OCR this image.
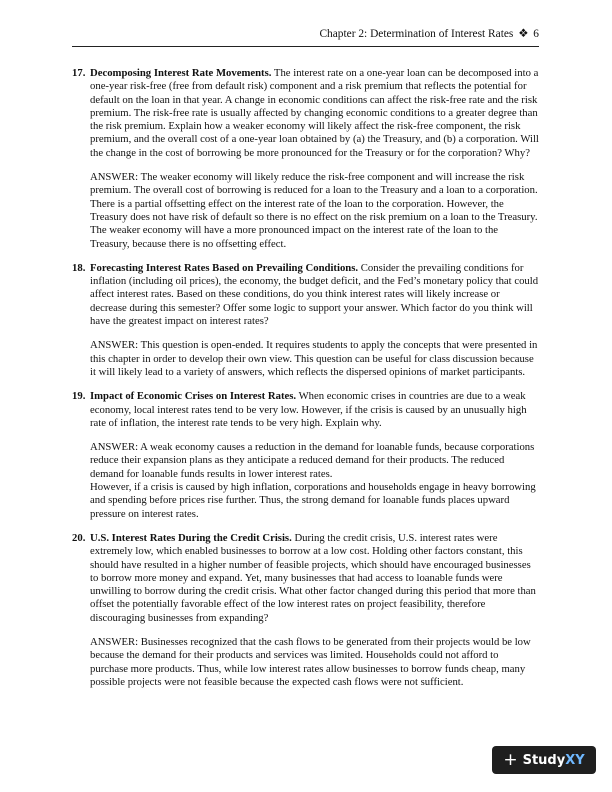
Chapter 2: Determination of Interest Rates ❖ 6
17. Decomposing Interest Rate Movements. The interest rate on a one-year loan can be decomposed into a one-year risk-free (free from default risk) component and a risk premium that reflects the potential for default on the loan in that year. A change in economic conditions can affect the risk-free rate and the risk premium. The risk-free rate is usually affected by changing economic conditions to a greater degree than the risk premium. Explain how a weaker economy will likely affect the risk-free component, the risk premium, and the overall cost of a one-year loan obtained by (a) the Treasury, and (b) a corporation. Will the change in the cost of borrowing be more pronounced for the Treasury or for the corporation? Why?

ANSWER: The weaker economy will likely reduce the risk-free component and will increase the risk premium. The overall cost of borrowing is reduced for a loan to the Treasury and a loan to a corporation. There is a partial offsetting effect on the interest rate of the loan to the corporation. However, the Treasury does not have risk of default so there is no effect on the risk premium on a loan to the Treasury. The weaker economy will have a more pronounced impact on the interest rate of the loan to the Treasury, because there is no offsetting effect.

18. Forecasting Interest Rates Based on Prevailing Conditions. Consider the prevailing conditions for inflation (including oil prices), the economy, the budget deficit, and the Fed’s monetary policy that could affect interest rates. Based on these conditions, do you think interest rates will likely increase or decrease during this semester? Offer some logic to support your answer. Which factor do you think will have the greatest impact on interest rates?

ANSWER: This question is open-ended. It requires students to apply the concepts that were presented in this chapter in order to develop their own view. This question can be useful for class discussion because it will likely lead to a variety of answers, which reflects the dispersed opinions of market participants.

19. Impact of Economic Crises on Interest Rates. When economic crises in countries are due to a weak economy, local interest rates tend to be very low. However, if the crisis is caused by an unusually high rate of inflation, the interest rate tends to be very high. Explain why.

ANSWER: A weak economy causes a reduction in the demand for loanable funds, because corporations reduce their expansion plans as they anticipate a reduced demand for their products. The reduced demand for loanable funds results in lower interest rates.

However, if a crisis is caused by high inflation, corporations and households engage in heavy borrowing and spending before prices rise further. Thus, the strong demand for loanable funds places upward pressure on interest rates.

20. U.S. Interest Rates During the Credit Crisis. During the credit crisis, U.S. interest rates were extremely low, which enabled businesses to borrow at a low cost. Holding other factors constant, this should have resulted in a higher number of feasible projects, which should have encouraged businesses to borrow more money and expand. Yet, many businesses that had access to loanable funds were unwilling to borrow during the credit crisis. What other factor changed during this period that more than offset the potentially favorable effect of the low interest rates on project feasibility, therefore discouraging businesses from expanding?

ANSWER: Businesses recognized that the cash flows to be generated from their projects would be low because the demand for their products and services was limited. Households could not afford to purchase more products. Thus, while low interest rates allow businesses to borrow funds cheap, many possible projects were not feasible because the expected cash flows were not sufficient.

+ Study XY
